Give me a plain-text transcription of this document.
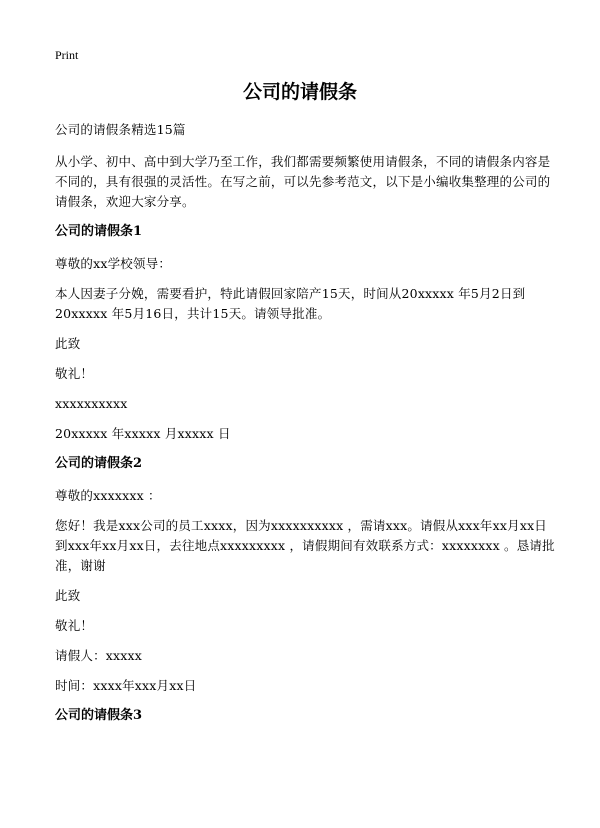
Print
公司的请假条

公司的请假条精选15篇

从小学、初中、高中到大学乃至工作，我们都需要频繁使用请假条，不同的请假条内容是不同的，具有很强的灵活性。在写之前，可以先参考范文，以下是小编收集整理的公司的请假条，欢迎大家分享。

公司的请假条1

尊敬的xx学校领导：

本人因妻子分娩，需要看护，特此请假回家陪产15天，时间从20xxxxx 年5月2日到20xxxxx 年5月16日，共计15天。请领导批准。

此致

敬礼！

xxxxxxxxxx

20xxxxx 年xxxxx 月xxxxx 日

公司的请假条2

尊敬的xxxxxxx ：

您好！我是xxx公司的员工xxxx，因为xxxxxxxxxx ，需请xxx。请假从xxx年xx月xx日到xxx年xx月xx日，去往地点xxxxxxxxx ，请假期间有效联系方式：xxxxxxxx 。恳请批准，谢谢

此致

敬礼！

请假人：xxxxx

时间：xxxx年xxx月xx日

公司的请假条3
